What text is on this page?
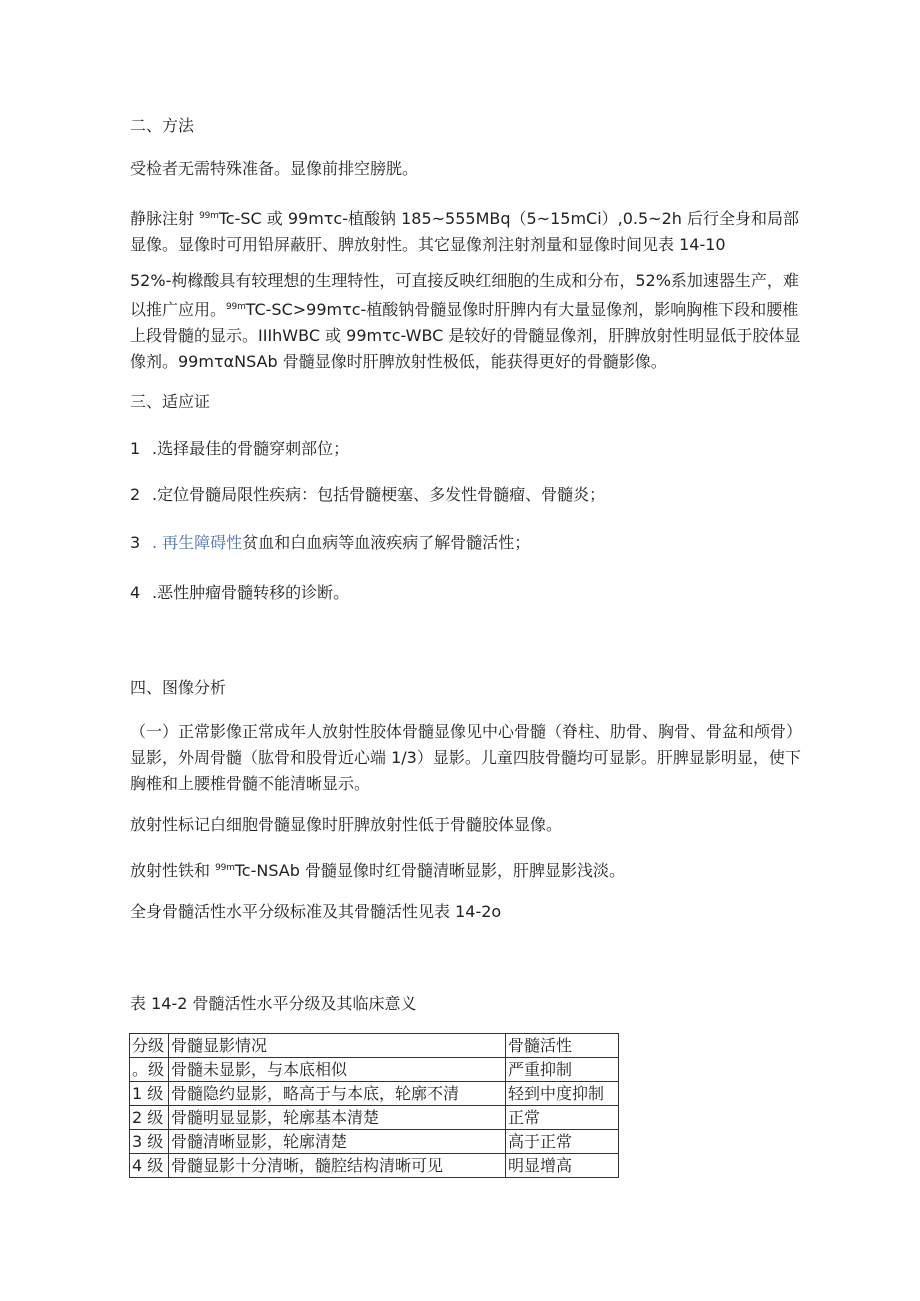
二、方法

受检者无需特殊准备。显像前排空膀胱。

静脉注射 $^{99m}$Tc-SC 或 99mτc-植酸钠 185~555MBq（5~15mCi）,0.5~2h 后行全身和局部显像。显像时可用铅屏蔽肝、脾放射性。其它显像剂注射剂量和显像时间见表 14-10

52%-枸橼酸具有较理想的生理特性，可直接反映红细胞的生成和分布，52%系加速器生产，难以推广应用。$^{99m}$TC-SC>99mτc-植酸钠骨髓显像时肝脾内有大量显像剂，影响胸椎下段和腰椎上段骨髓的显示。IIIhWBC 或 99mτc-WBC 是较好的骨髓显像剂，肝脾放射性明显低于胶体显像剂。99mταNSAb 骨髓显像时肝脾放射性极低，能获得更好的骨髓影像。

三、适应证

1 .选择最佳的骨髓穿刺部位；

2 .定位骨髓局限性疾病：包括骨髓梗塞、多发性骨髓瘤、骨髓炎；

3 . 再生障碍性贫血和白血病等血液疾病了解骨髓活性；

4 .恶性肿瘤骨髓转移的诊断。

四、图像分析

（一）正常影像正常成年人放射性胶体骨髓显像见中心骨髓（脊柱、肋骨、胸骨、骨盆和颅骨）显影，外周骨髓（肱骨和股骨近心端 1/3）显影。儿童四肢骨髓均可显影。肝脾显影明显，使下胸椎和上腰椎骨髓不能清晰显示。

放射性标记白细胞骨髓显像时肝脾放射性低于骨髓胶体显像。

放射性铁和 $^{99m}$Tc-NSAb 骨髓显像时红骨髓清晰显影，肝脾显影浅淡。

全身骨髓活性水平分级标准及其骨髓活性见表 14-2o

表 14-2 骨髓活性水平分级及其临床意义

分级	骨髓显影情况	骨髓活性
。级	骨髓未显影，与本底相似	严重抑制
1 级	骨髓隐约显影，略高于与本底，轮廓不清	轻到中度抑制
2 级	骨髓明显显影，轮廓基本清楚	正常
3 级	骨髓清晰显影，轮廓清楚	高于正常
4 级	骨髓显影十分清晰，髓腔结构清晰可见	明显增高
